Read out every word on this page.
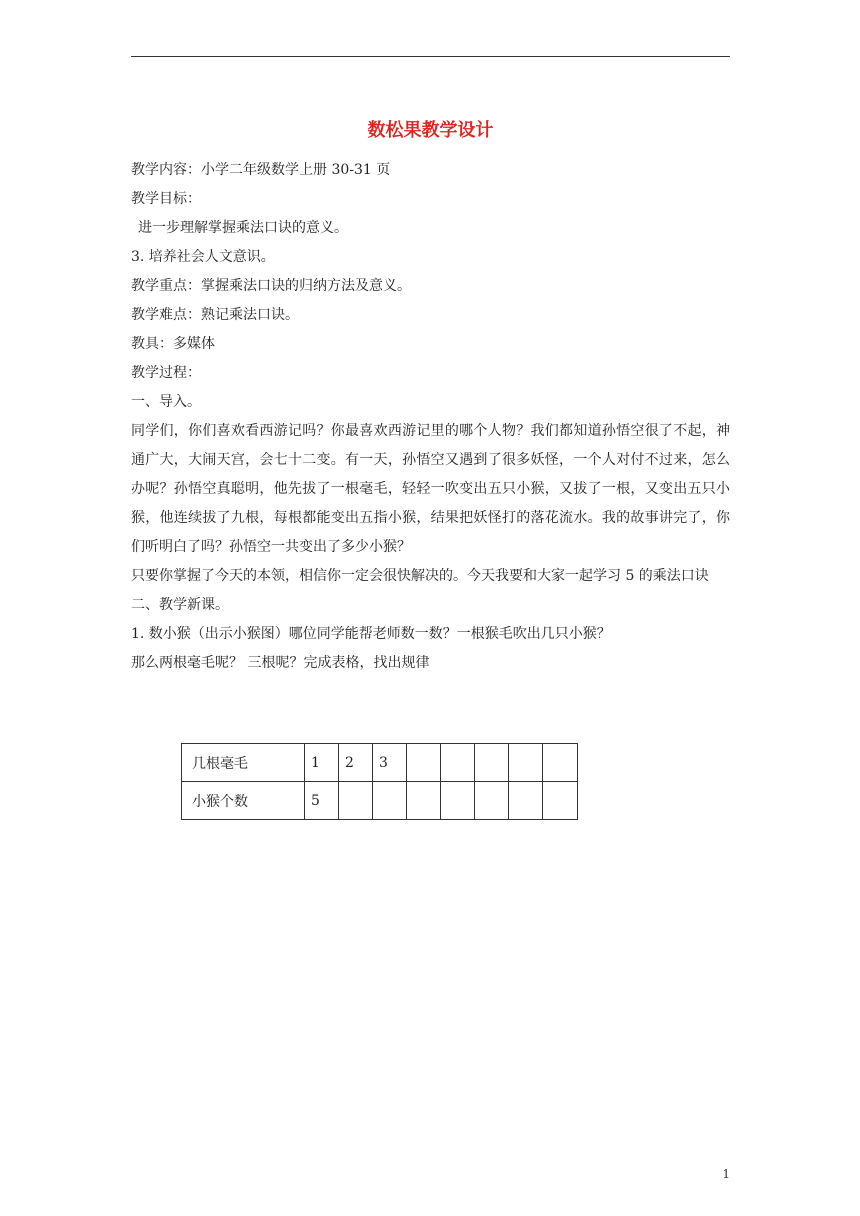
数松果教学设计

教学内容：小学二年级数学上册 30-31 页

教学目标：

进一步理解掌握乘法口诀的意义。

3. 培养社会人文意识。

教学重点：掌握乘法口诀的归纳方法及意义。

教学难点：熟记乘法口诀。

教具：多媒体

教学过程：

一、导入。

同学们，你们喜欢看西游记吗？你最喜欢西游记里的哪个人物？我们都知道孙悟空很了不起，神通广大，大闹天宫，会七十二变。有一天，孙悟空又遇到了很多妖怪，一个人对付不过来，怎么办呢？孙悟空真聪明，他先拔了一根毫毛，轻轻一吹变出五只小猴，又拔了一根，又变出五只小猴，他连续拔了九根，每根都能变出五指小猴，结果把妖怪打的落花流水。我的故事讲完了，你们听明白了吗？孙悟空一共变出了多少小猴？

只要你掌握了今天的本领，相信你一定会很快解决的。今天我要和大家一起学习 5 的乘法口诀

二、教学新课。

1. 数小猴（出示小猴图）哪位同学能帮老师数一数？一根猴毛吹出几只小猴？

那么两根毫毛呢？ 三根呢？完成表格，找出规律

几根毫毛	1	2	3					
小猴个数	5							
1
